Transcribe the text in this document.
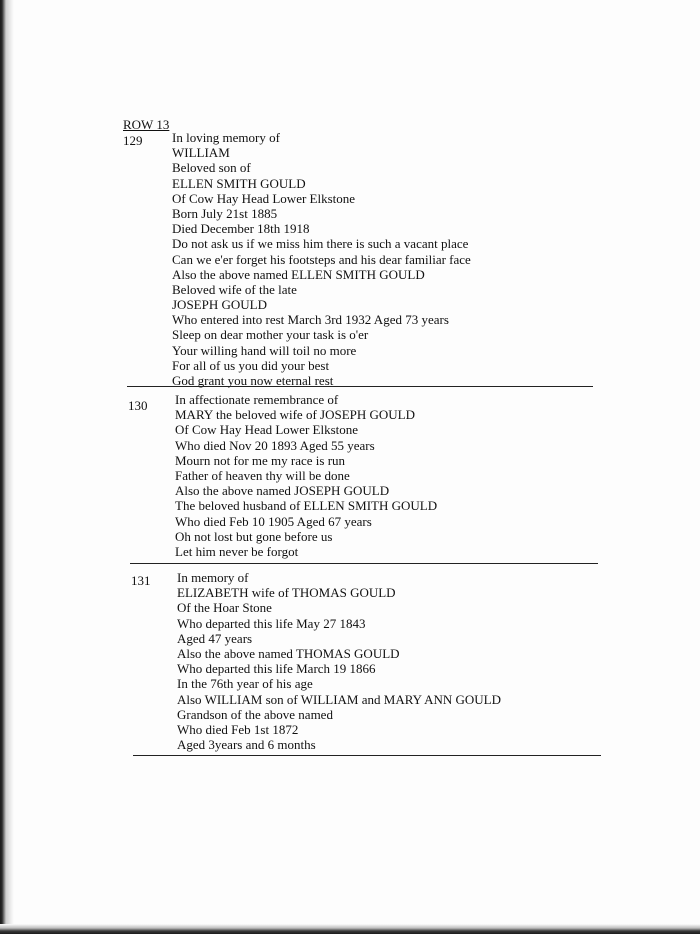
ROW 13
129 In loving memory of
WILLIAM
Beloved son of
ELLEN SMITH GOULD
Of Cow Hay Head Lower Elkstone
Born July 21st 1885
Died December 18th 1918
Do not ask us if we miss him there is such a vacant place
Can we e'er forget his footsteps and his dear familiar face
Also the above named ELLEN SMITH GOULD
Beloved wife of the late
JOSEPH GOULD
Who entered into rest March 3rd 1932 Aged 73 years
Sleep on dear mother your task is o'er
Your willing hand will toil no more
For all of us you did your best
God grant you now eternal rest
130 In affectionate remembrance of
MARY the beloved wife of JOSEPH GOULD
Of Cow Hay Head Lower Elkstone
Who died Nov 20 1893 Aged 55 years
Mourn not for me my race is run
Father of heaven thy will be done
Also the above named JOSEPH GOULD
The beloved husband of ELLEN SMITH GOULD
Who died Feb 10 1905 Aged 67 years
Oh not lost but gone before us
Let him never be forgot
131 In memory of
ELIZABETH wife of THOMAS GOULD
Of the Hoar Stone
Who departed this life May 27 1843
Aged 47 years
Also the above named THOMAS GOULD
Who departed this life March 19 1866
In the 76th year of his age
Also WILLIAM son of WILLIAM and MARY ANN GOULD
Grandson of the above named
Who died Feb 1st 1872
Aged 3years and 6 months
